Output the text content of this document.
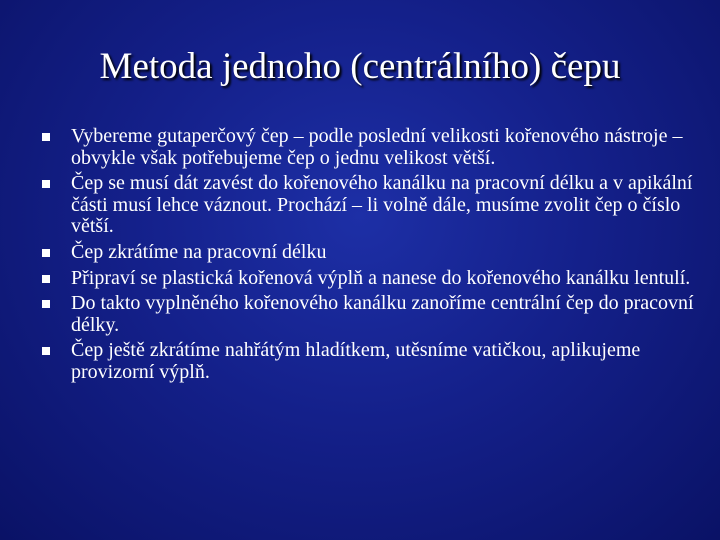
Metoda jednoho (centrálního) čepu
Vybereme gutaperčový čep – podle poslední velikosti kořenového nástroje – obvykle však potřebujeme čep o jednu velikost větší.
Čep se musí dát zavést do kořenového kanálku na pracovní délku a v apikální části musí lehce váznout. Prochází – li volně dále, musíme zvolit čep o číslo větší.
Čep zkrátíme na pracovní délku
Připraví se plastická kořenová výplň a nanese do kořenového kanálku lentulí.
Do takto vyplněného kořenového kanálku zanoříme centrální čep do pracovní délky.
Čep ještě zkrátíme nahřátým hladítkem, utěsníme vatičkou, aplikujeme provizorní výplň.
